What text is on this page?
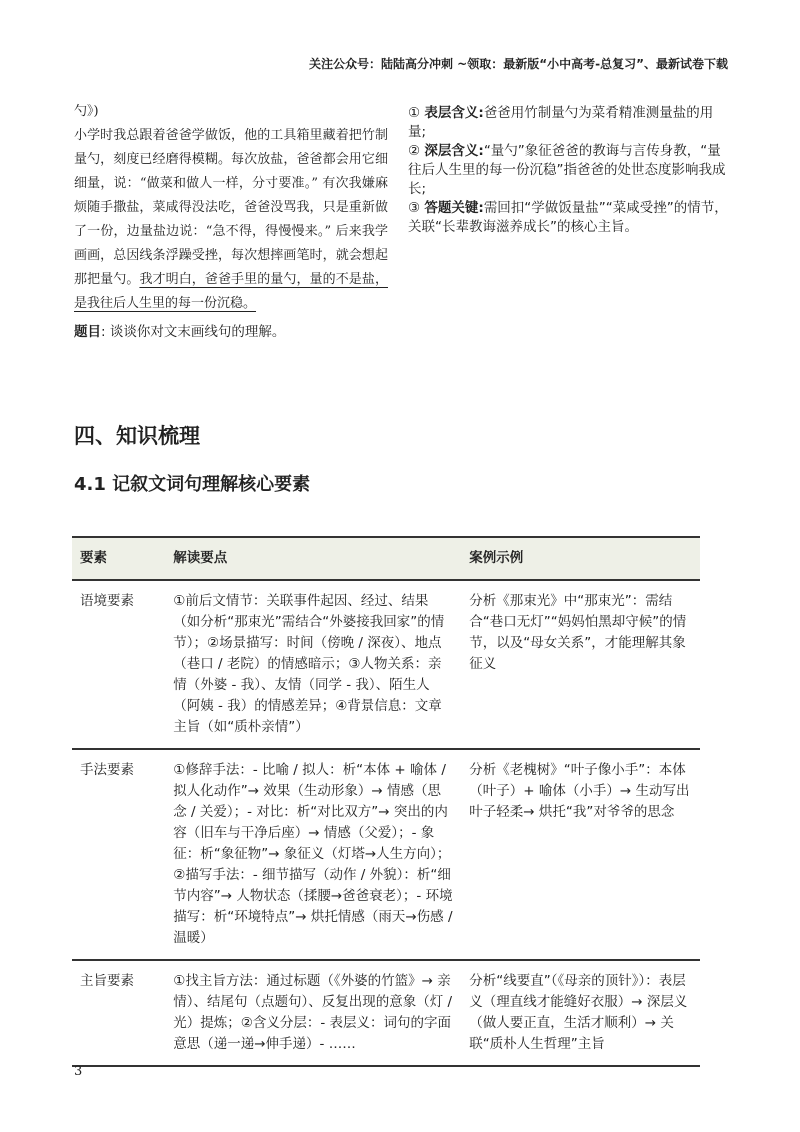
关注公众号：陆陆高分冲刺 ~领取：最新版“小中高考-总复习”、最新试卷下载

勺》)

小学时我总跟着爸爸学做饭，他的工具箱里藏着把竹制量勺，刻度已经磨得模糊。每次放盐，爸爸都会用它细细量，说：“做菜和做人一样，分寸要准。” 有次我嫌麻烦随手撒盐，菜咸得没法吃，爸爸没骂我，只是重新做了一份，边量盐边说：“急不得，得慢慢来。” 后来我学画画，总因线条浮躁受挫，每次想摔画笔时，就会想起那把量勺。我才明白，爸爸手里的量勺，量的不是盐，是我往后人生里的每一份沉稳。

题目: 谈谈你对文末画线句的理解。

① 表层含义:爸爸用竹制量勺为菜肴精准测量盐的用量;

② 深层含义:“量勺”象征爸爸的教诲与言传身教，“量往后人生里的每一份沉稳”指爸爸的处世态度影响我成长;

③ 答题关键:需回扣“学做饭量盐”“菜咸受挫”的情节，关联“长辈教诲滋养成长”的核心主旨。

四、知识梳理
4.1 记叙文词句理解核心要素
要素	解读要点	案例示例
语境要素	①前后文情节：关联事件起因、经过、结果（如分析“那束光”需结合“外婆接我回家”的情节）；②场景描写：时间（傍晚 / 深夜）、地点（巷口 / 老院）的情感暗示；③人物关系：亲情（外婆 - 我）、友情（同学 - 我）、陌生人（阿姨 - 我）的情感差异；④背景信息：文章主旨（如“质朴亲情”）	分析《那束光》中“那束光”：需结合“巷口无灯”“妈妈怕黑却守候”的情节，以及“母女关系”，才能理解其象征义
手法要素	①修辞手法：- 比喻 / 拟人：析“本体 + 喻体 / 拟人化动作”→ 效果（生动形象）→ 情感（思念 / 关爱）；- 对比：析“对比双方”→ 突出的内容（旧车与干净后座）→ 情感（父爱）；- 象征：析“象征物”→ 象征义（灯塔→人生方向）；②描写手法：- 细节描写（动作 / 外貌）：析“细节内容”→ 人物状态（揉腰→爸爸衰老）；- 环境描写：析“环境特点”→ 烘托情感（雨天→伤感 / 温暖）	分析《老槐树》“叶子像小手”：本体（叶子）+ 喻体（小手）→ 生动写出叶子轻柔→ 烘托“我”对爷爷的思念
主旨要素	①找主旨方法：通过标题（《外婆的竹篮》→ 亲情）、结尾句（点题句）、反复出现的意象（灯 / 光）提炼；②含义分层：- 表层义：词句的字面意思（递一递→伸手递）- ……	分析“线要直”（《母亲的顶针》）：表层义（理直线才能缝好衣服）→ 深层义（做人要正直，生活才顺利）→ 关联“质朴人生哲理”主旨
3
